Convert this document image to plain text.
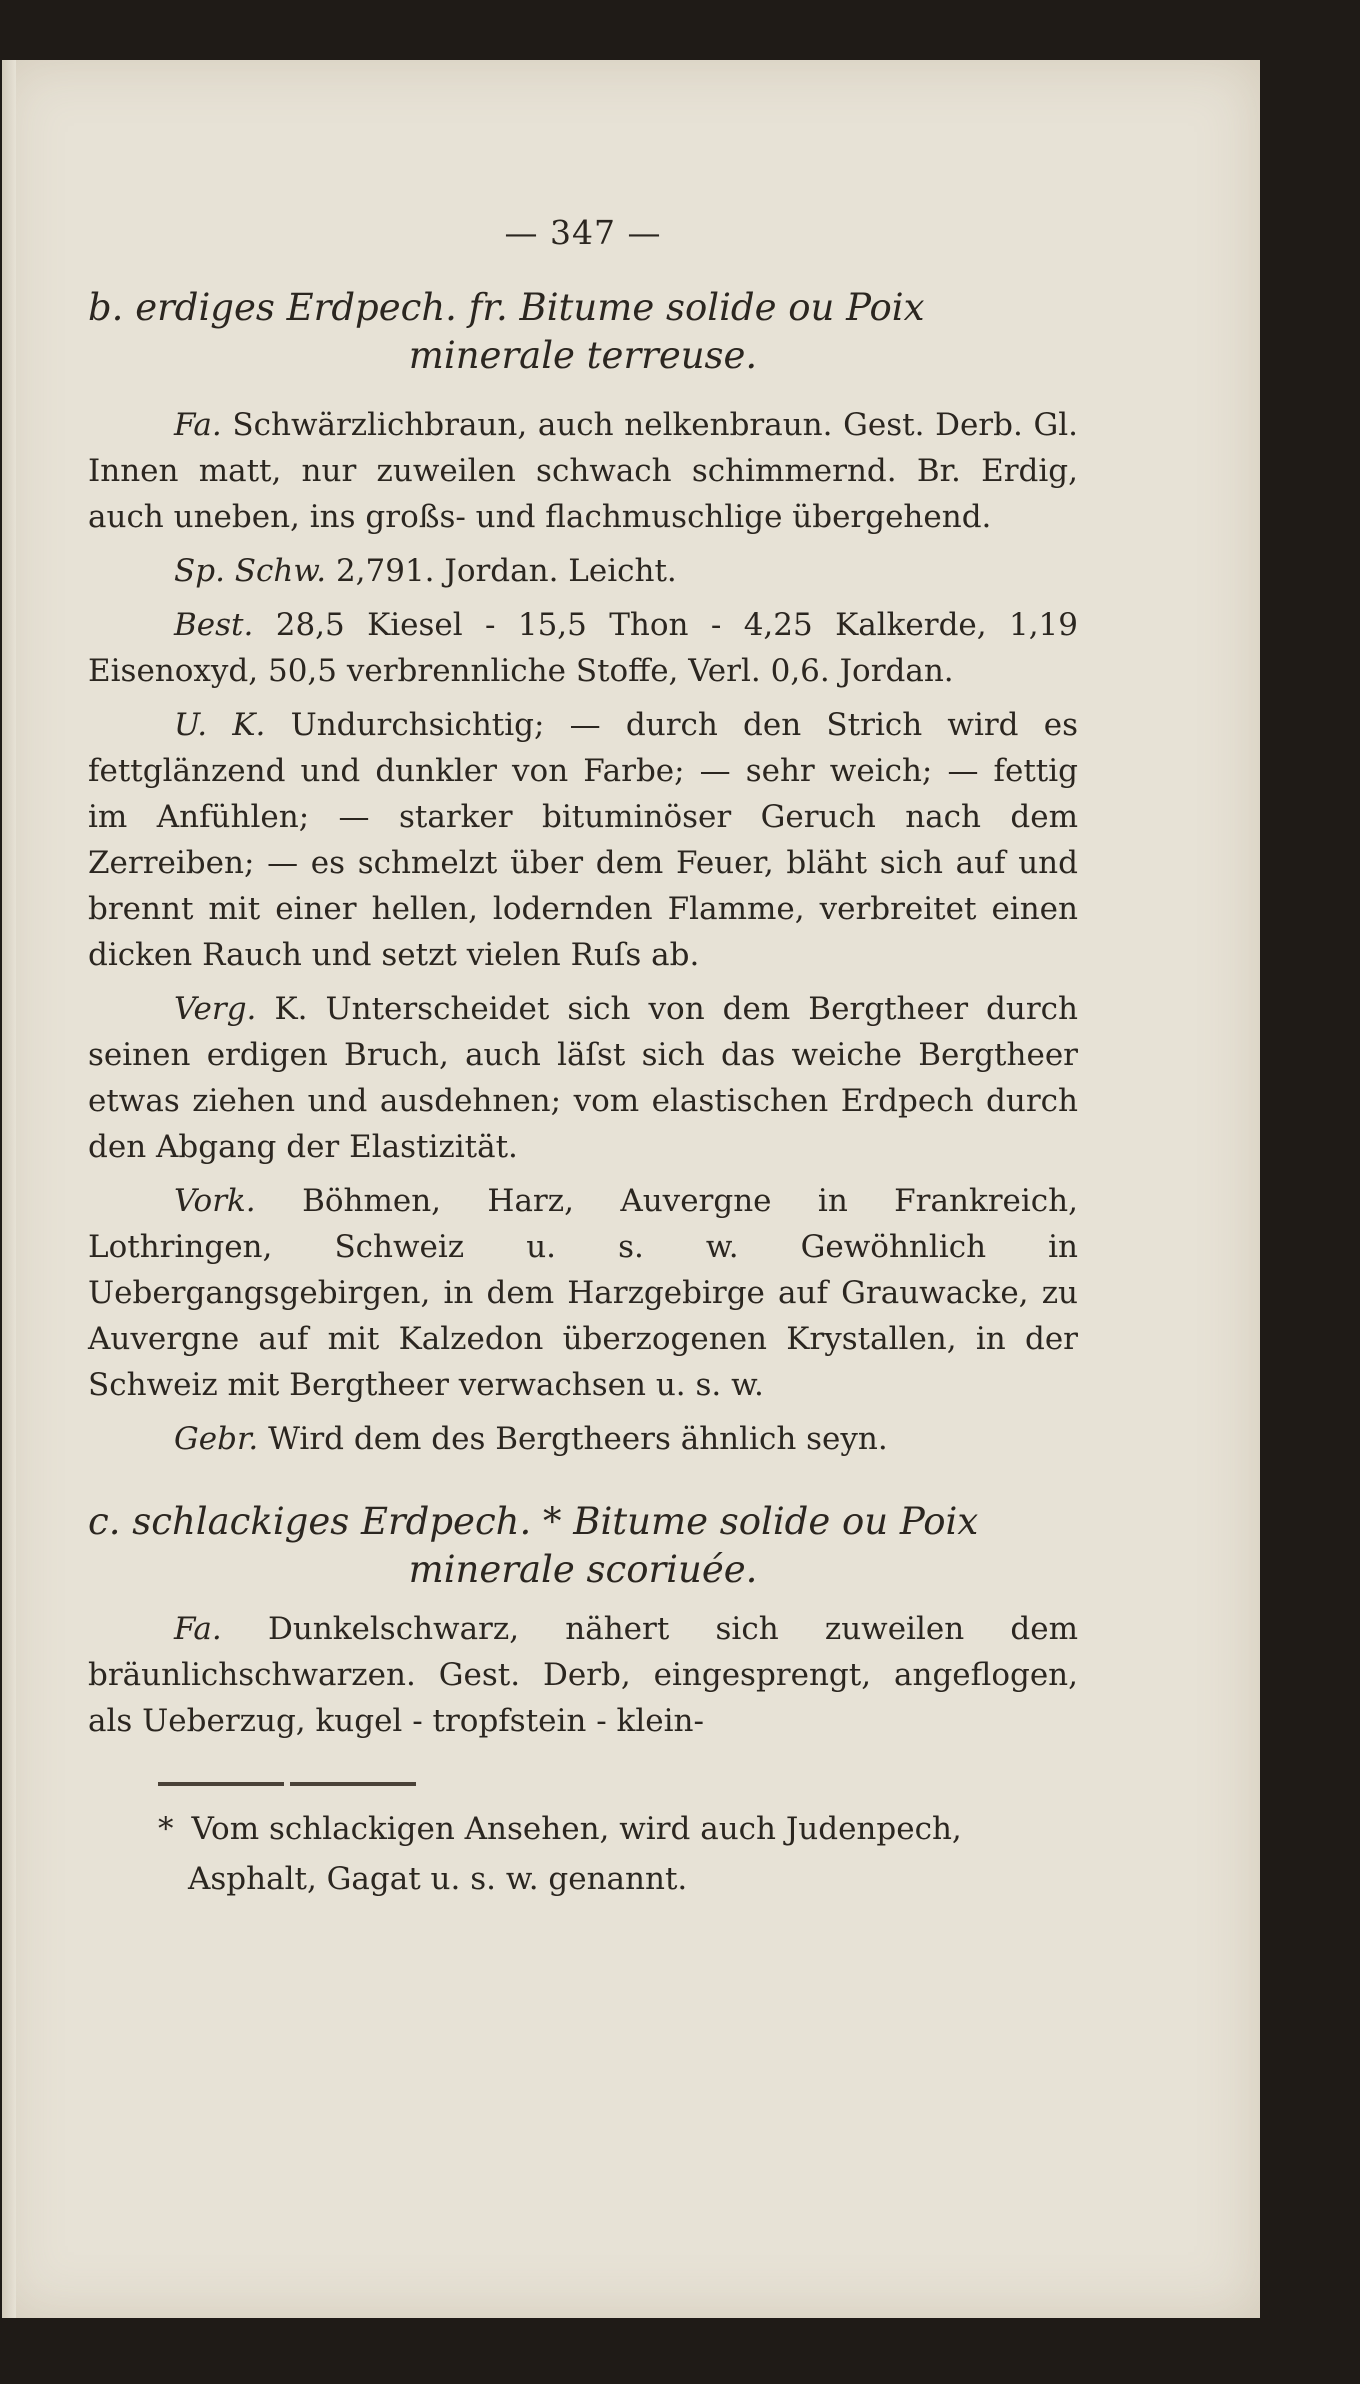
— 347 —
b. erdiges Erdpech. fr. Bitume solide ou Poix
minerale terreuse.

Fa. Schwärzlichbraun, auch nelkenbraun. Gest. Derb. Gl. Innen matt, nur zuweilen schwach schimmernd. Br. Erdig, auch uneben, ins großs- und flachmuschlige übergehend.

Sp. Schw. 2,791. Jordan. Leicht.

Best. 28,5 Kiesel - 15,5 Thon - 4,25 Kalkerde, 1,19 Eisenoxyd, 50,5 verbrennliche Stoffe, Verl. 0,6. Jordan.

U. K. Undurchsichtig; — durch den Strich wird es fettglänzend und dunkler von Farbe; — sehr weich; — fettig im Anfühlen; — starker bituminöser Geruch nach dem Zerreiben; — es schmelzt über dem Feuer, bläht sich auf und brennt mit einer hellen, lodernden Flamme, verbreitet einen dicken Rauch und setzt vielen Ruſs ab.

Verg. K. Unterscheidet sich von dem Bergtheer durch seinen erdigen Bruch, auch läſst sich das weiche Bergtheer etwas ziehen und ausdehnen; vom elastischen Erdpech durch den Abgang der Elastizität.

Vork. Böhmen, Harz, Auvergne in Frankreich, Lothringen, Schweiz u. s. w. Gewöhnlich in Uebergangsgebirgen, in dem Harzgebirge auf Grauwacke, zu Auvergne auf mit Kalzedon überzogenen Krystallen, in der Schweiz mit Bergtheer verwachsen u. s. w.

Gebr. Wird dem des Bergtheers ähnlich seyn.

c. schlackiges Erdpech. * Bitume solide ou Poix
minerale scoriuée.

Fa. Dunkelschwarz, nähert sich zuweilen dem bräunlichschwarzen. Gest. Derb, eingesprengt, angeflogen, als Ueberzug, kugel - tropfstein - klein-

* Vom schlackigen Ansehen, wird auch Judenpech,
Asphalt, Gagat u. s. w. genannt.
